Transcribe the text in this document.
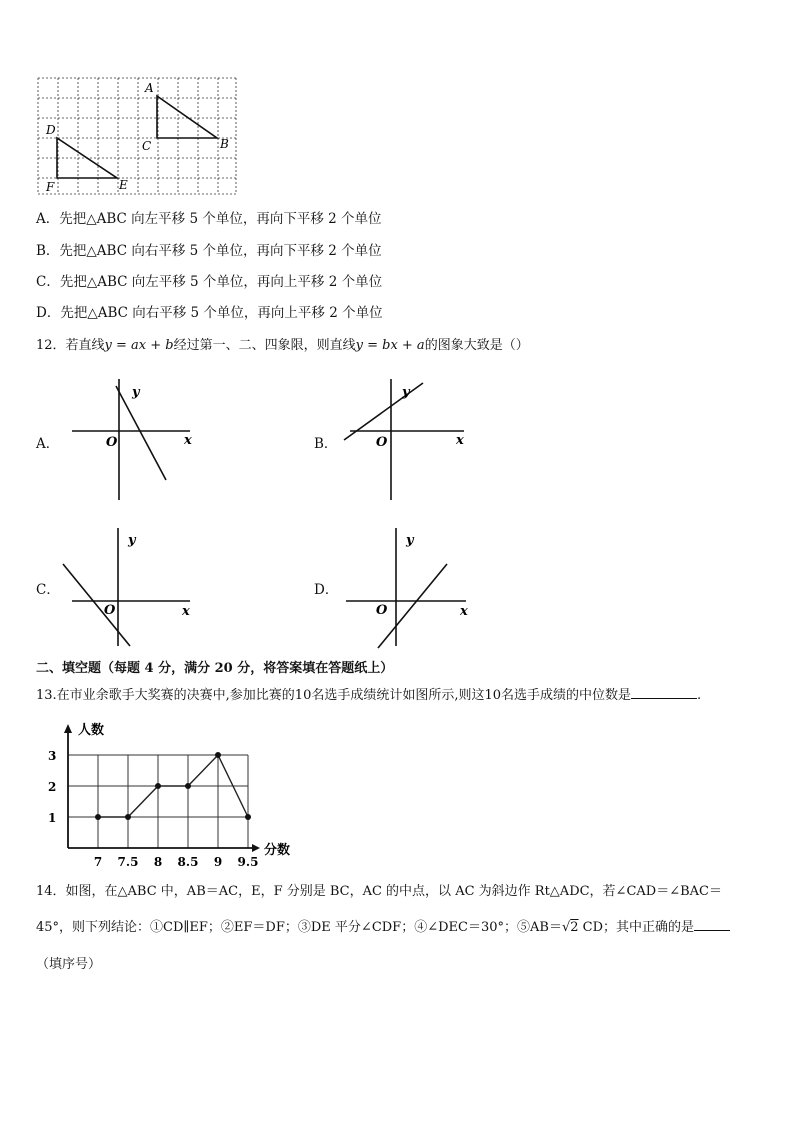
A
B
C
D
E
F
A．先把△ABC 向左平移 5 个单位，再向下平移 2 个单位
B．先把△ABC 向右平移 5 个单位，再向下平移 2 个单位
C．先把△ABC 向左平移 5 个单位，再向上平移 2 个单位
D．先把△ABC 向右平移 5 个单位，再向上平移 2 个单位
12．若直线y = ax + b经过第一、二、四象限，则直线y = bx + a的图象大致是（）
A．
y
x
O	B．
y
x
O
C．
y
x
O
D．
y
x
O
二、填空题（每题 4 分，满分 20 分，将答案填在答题纸上）
13.在市业余歌手大奖赛的决赛中,参加比赛的10名选手成绩统计如图所示,则这10名选手成绩的中位数是	.
人数
分数
1
2
3
7 7.5 8 8.5 9 9.5
14．如图，在△ABC 中，AB＝AC，E，F 分别是 BC，AC 的中点，以 AC 为斜边作 Rt△ADC，若∠CAD＝∠BAC＝
45°，则下列结论：①CD∥EF；②EF＝DF；③DE 平分∠CDF；④∠DEC＝30°；⑤AB＝√2 CD；其中正确的是
（填序号）
